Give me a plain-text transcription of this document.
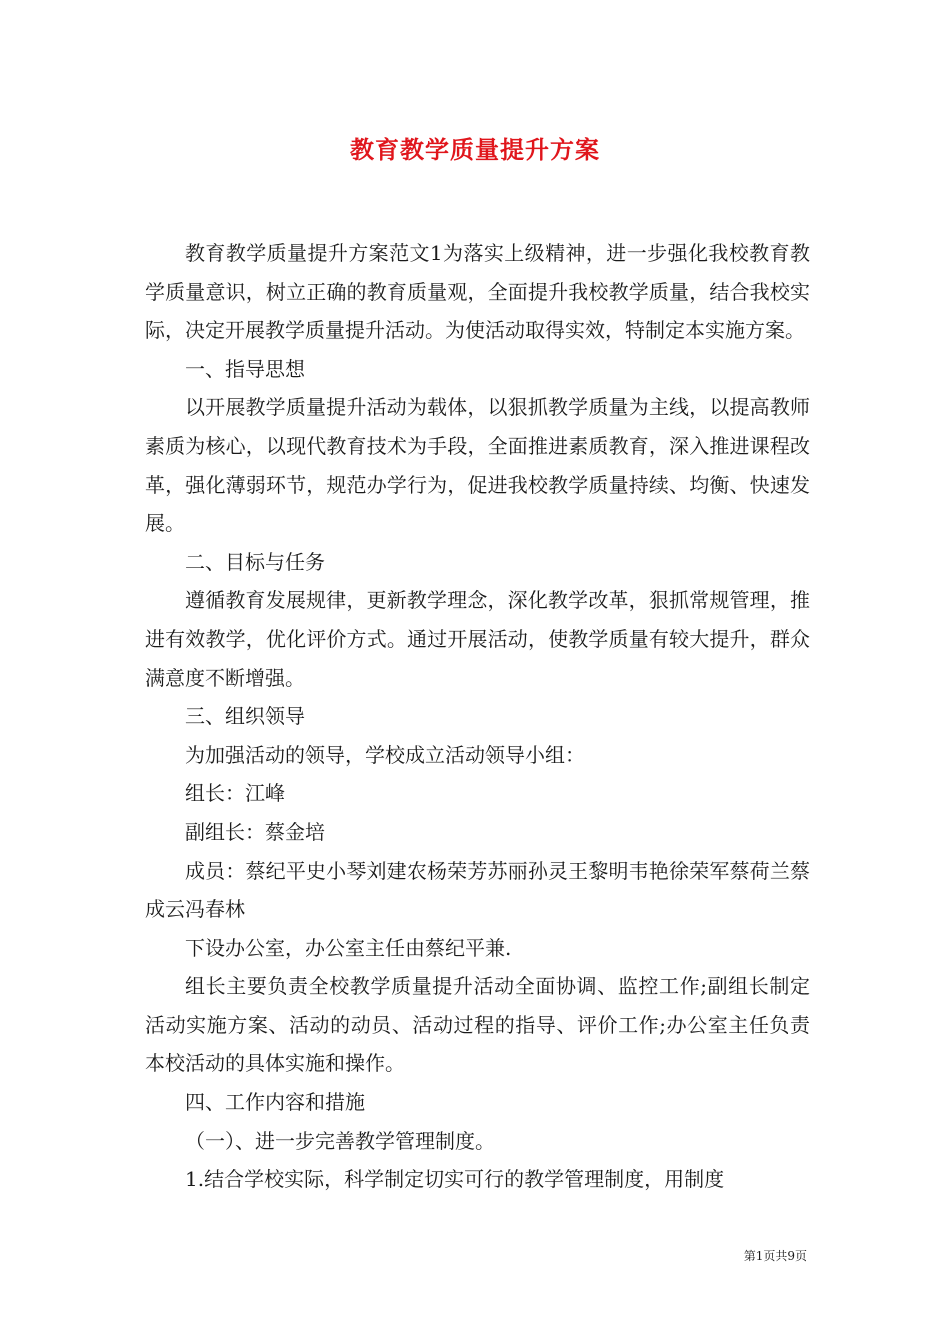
教育教学质量提升方案

教育教学质量提升方案范文1为落实上级精神，进一步强化我校教育教学质量意识，树立正确的教育质量观，全面提升我校教学质量，结合我校实际，决定开展教学质量提升活动。为使活动取得实效，特制定本实施方案。

一、指导思想

以开展教学质量提升活动为载体，以狠抓教学质量为主线，以提高教师素质为核心，以现代教育技术为手段，全面推进素质教育，深入推进课程改革，强化薄弱环节，规范办学行为，促进我校教学质量持续、均衡、快速发展。

二、目标与任务

遵循教育发展规律，更新教学理念，深化教学改革，狠抓常规管理，推进有效教学，优化评价方式。通过开展活动，使教学质量有较大提升，群众满意度不断增强。

三、组织领导

为加强活动的领导，学校成立活动领导小组：

组长：江峰

副组长：蔡金培

成员：蔡纪平史小琴刘建农杨荣芳苏丽孙灵王黎明韦艳徐荣军蔡荷兰蔡成云冯春林

下设办公室，办公室主任由蔡纪平兼.

组长主要负责全校教学质量提升活动全面协调、监控工作;副组长制定活动实施方案、活动的动员、活动过程的指导、评价工作;办公室主任负责本校活动的具体实施和操作。

四、工作内容和措施

（一）、进一步完善教学管理制度。

1.结合学校实际，科学制定切实可行的教学管理制度，用制度

第1页共9页
